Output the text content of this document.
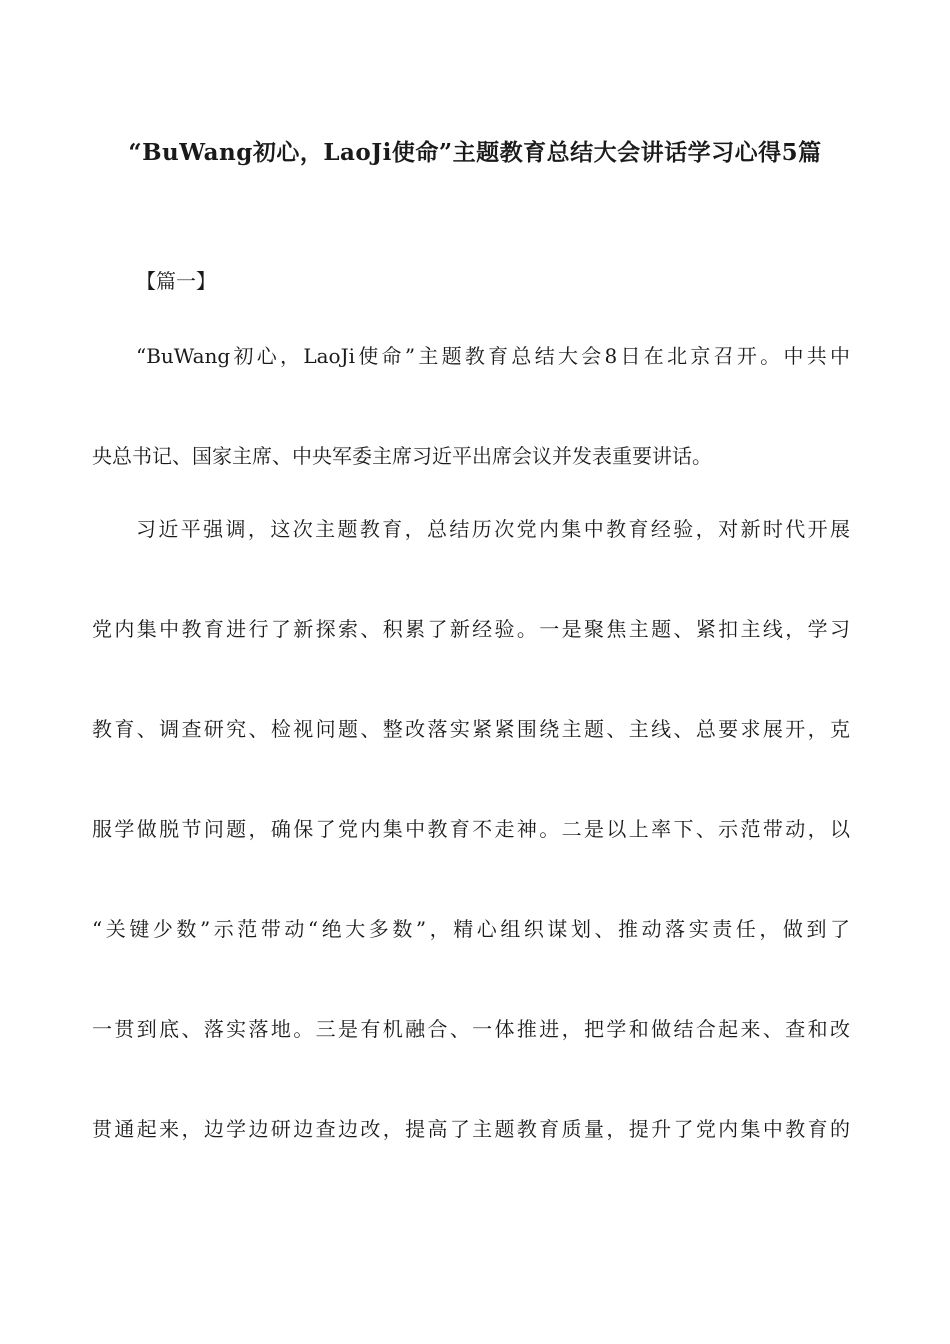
“BuWang初心，LaoJi使命”主题教育总结大会讲话学习心得5篇
【篇一】
“BuWang初心，LaoJi使命”主题教育总结大会8日在北京召开。中共中
央总书记、国家主席、中央军委主席习近平出席会议并发表重要讲话。
习近平强调，这次主题教育，总结历次党内集中教育经验，对新时代开展
党内集中教育进行了新探索、积累了新经验。一是聚焦主题、紧扣主线，学习
教育、调查研究、检视问题、整改落实紧紧围绕主题、主线、总要求展开，克
服学做脱节问题，确保了党内集中教育不走神。二是以上率下、示范带动，以
“关键少数”示范带动“绝大多数”，精心组织谋划、推动落实责任，做到了
一贯到底、落实落地。三是有机融合、一体推进，把学和做结合起来、查和改
贯通起来，边学边研边查边改，提高了主题教育质量，提升了党内集中教育的
